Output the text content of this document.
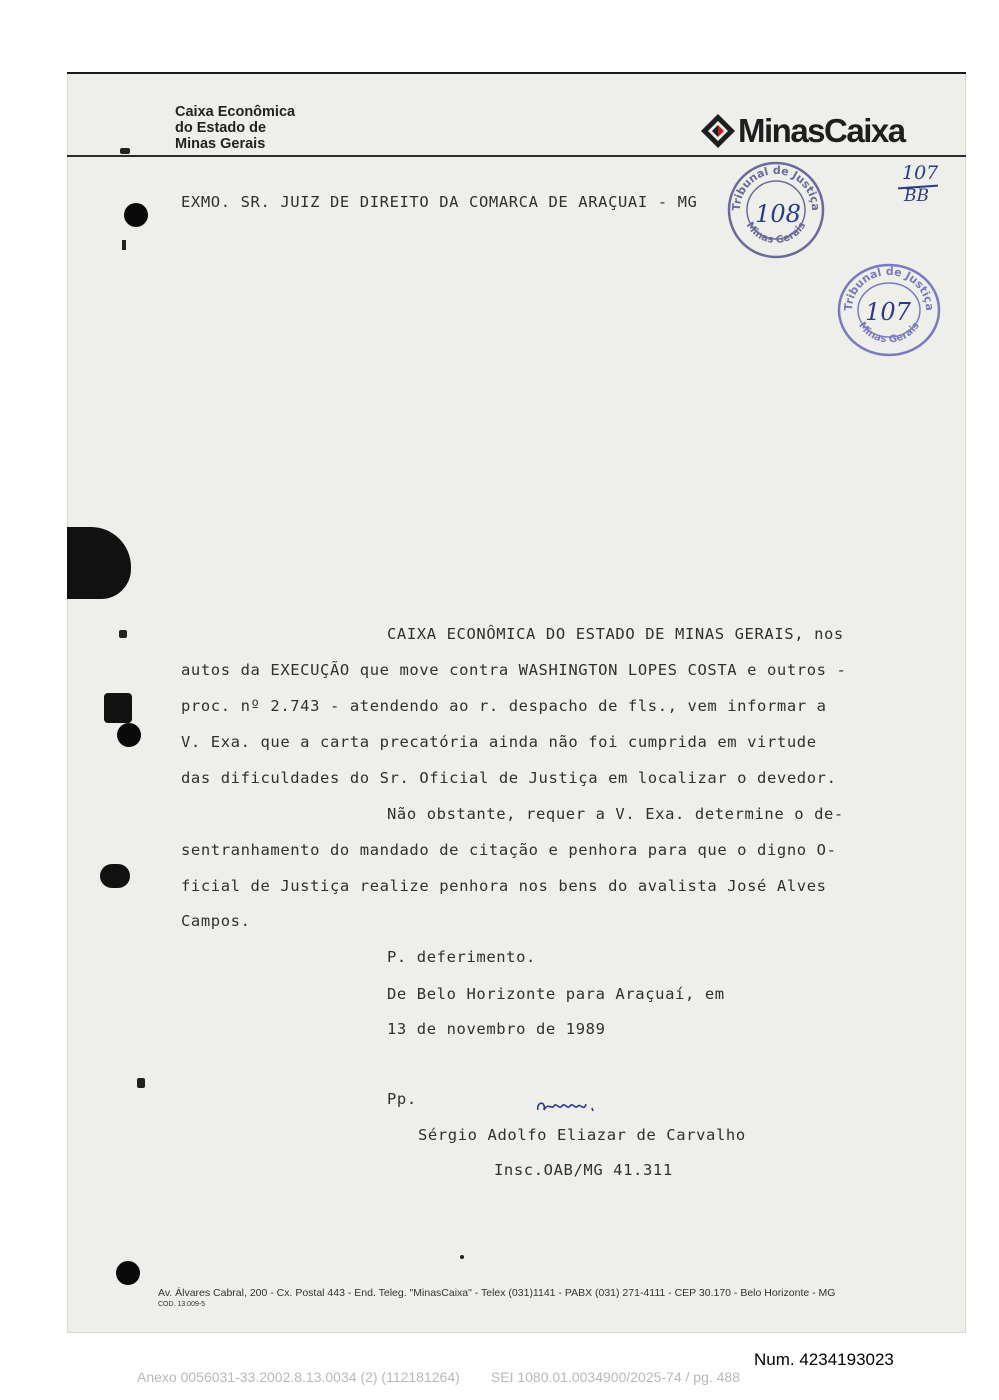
Caixa Econômica
do Estado de
Minas Gerais	MinasCaixa
EXMO. SR. JUIZ DE DIREITO DA COMARCA DE ARAÇUAI - MG	Tribunal de Justiça
Minas Gerais
108
Tribunal de Justiça
Minas Gerais
107
107
BB
CAIXA ECONÔMICA DO ESTADO DE MINAS GERAIS, nos
autos da EXECUÇÃO que move contra WASHINGTON LOPES COSTA e outros -
proc. nº 2.743 - atendendo ao r. despacho de fls., vem informar a
V. Exa. que a carta precatória ainda não foi cumprida em virtude
das dificuldades do Sr. Oficial de Justiça em localizar o devedor.
Não obstante, requer a V. Exa. determine o de-
sentranhamento do mandado de citação e penhora para que o digno O-
ficial de Justiça realize penhora nos bens do avalista José Alves
Campos.
P. deferimento.
De Belo Horizonte para Araçuaí, em
13 de novembro de 1989
Pp.
Sérgio Adolfo Eliazar de Carvalho
Insc.OAB/MG 41.311
Av. Álvares Cabral, 200 - Cx. Postal 443 - End. Teleg. "MinasCaixa" - Telex (031)1141 - PABX (031) 271-4111 - CEP 30.170 - Belo Horizonte - MG
COD. 13.009-5
Num. 4234193023
Anexo 0056031-33.2002.8.13.0034 (2) (112181264)        SEI 1080.01.0034900/2025-74 / pg. 488
